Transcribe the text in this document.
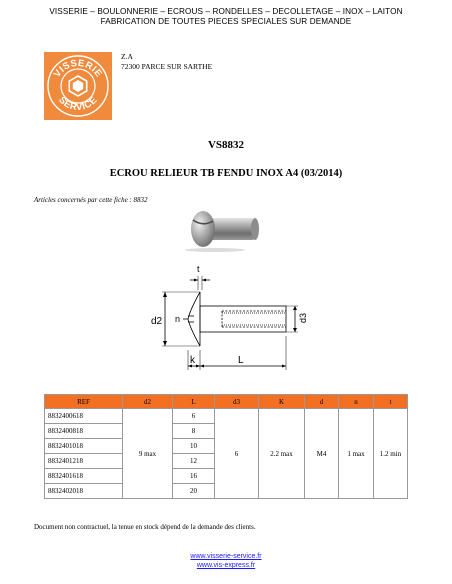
VISSERIE – BOULONNERIE – ECROUS – RONDELLES – DECOLLETAGE – INOX – LAITON
FABRICATION DE TOUTES PIECES SPECIALES SUR DEMANDE
VISSERIE
SERVICE
Z.A
72300 PARCE SUR SARTHE
VS8832
ECROU RELIEUR TB FENDU INOX A4 (03/2014)
Articles concernés par cette fiche : 8832
t
d2 n	d3
k	L
REF	d2	L	d3	K	d	n	t
8832400618	9 max	6	6	2.2 max	M4	1 max	1.2 min
8832400818		8					
8832401018		10					
8832401218		12					
8832401618		16					
8832402018		20					
Document non contractuel, la tenue en stock dépend de la demande des clients.
www.visserie-service.fr
www.vis-express.fr
